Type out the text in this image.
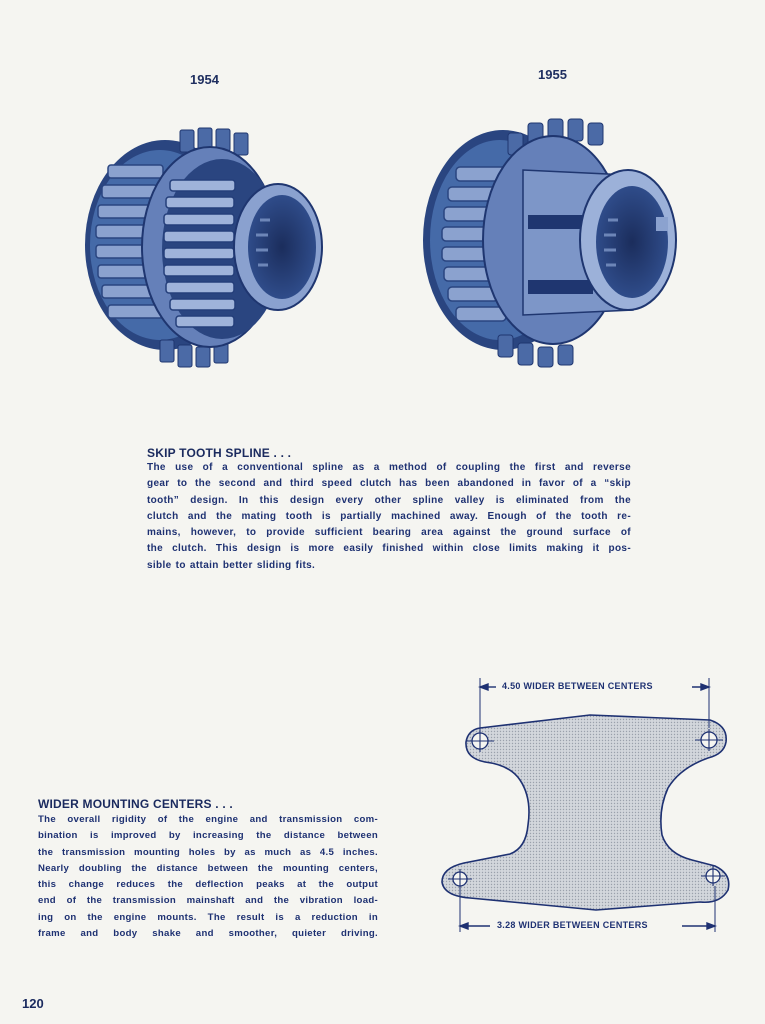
1954	1955
SKIP TOOTH SPLINE . . .
The use of a conventional spline as a method of coupling the first and reverse
gear to the second and third speed clutch has been abandoned in favor of a “skip
tooth” design. In this design every other spline valley is eliminated from the
clutch and the mating tooth is partially machined away. Enough of the tooth re-
mains, however, to provide sufficient bearing area against the ground surface of
the clutch. This design is more easily finished within close limits making it pos-
sible to attain better sliding fits.
WIDER MOUNTING CENTERS . . .
The overall rigidity of the engine and transmission com-
bination is improved by increasing the distance between
the transmission mounting holes by as much as 4.5 inches.
Nearly doubling the distance between the mounting centers,
this change reduces the deflection peaks at the output
end of the transmission mainshaft and the vibration load-
ing on the engine mounts. The result is a reduction in
frame and body shake and smoother, quieter driving.
4.50 WIDER BETWEEN CENTERS
3.28 WIDER BETWEEN CENTERS
120
